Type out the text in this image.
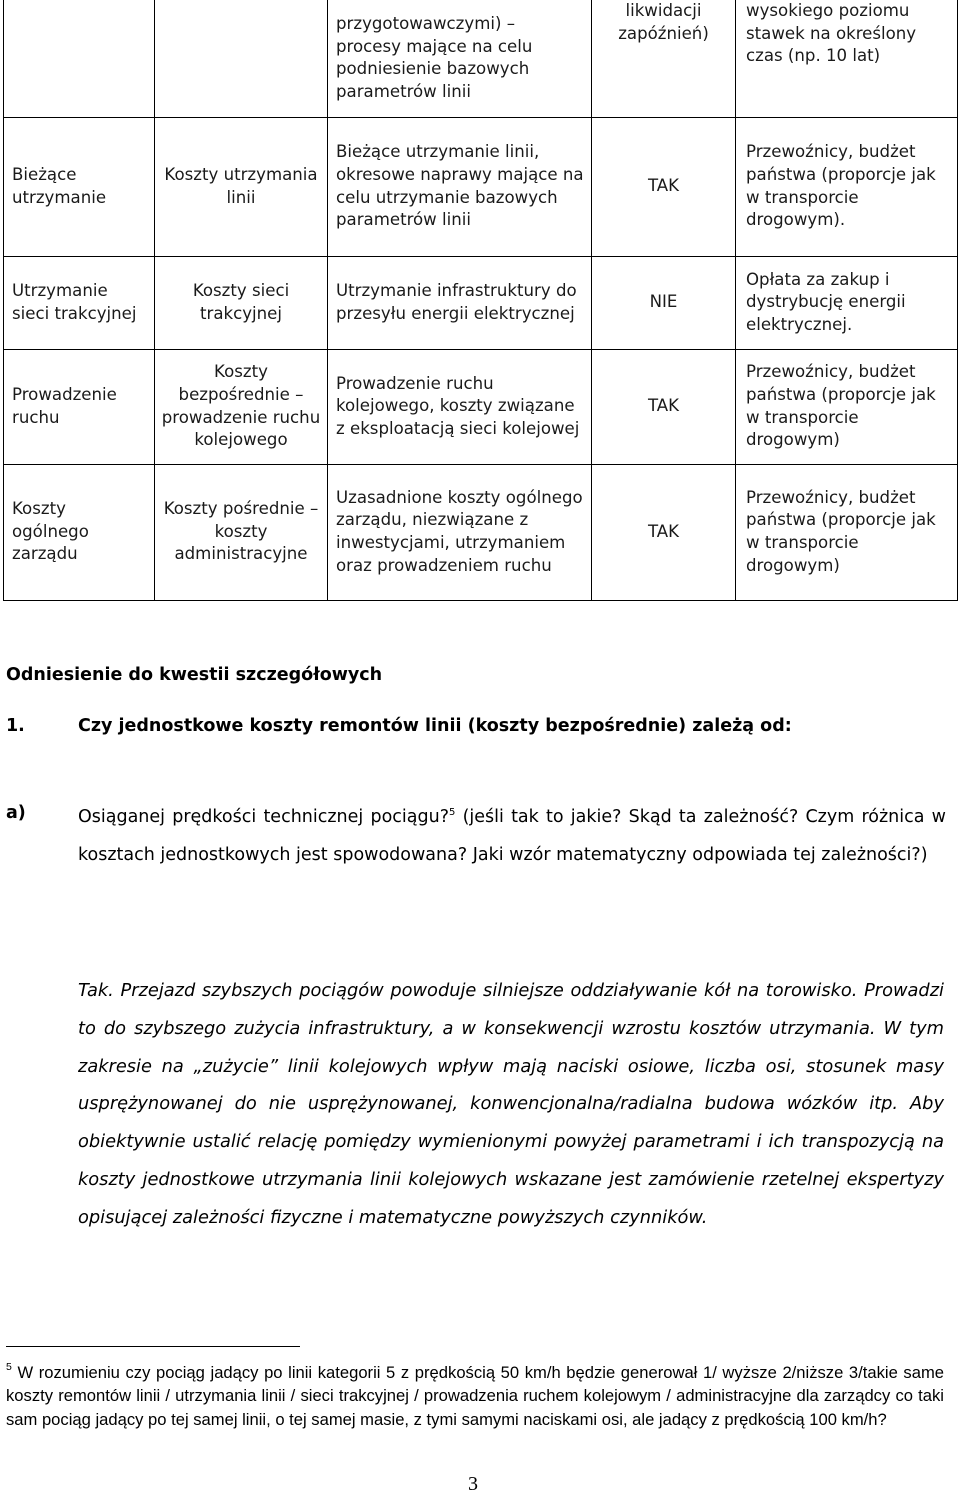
		przygotowawczymi) – procesy mające na celu podniesienie bazowych parametrów linii	likwidacji zapóźnień)	wysokiego poziomu stawek na określony czas (np. 10 lat)
Bieżące utrzymanie	Koszty utrzymania linii	Bieżące utrzymanie linii, okresowe naprawy mające na celu utrzymanie bazowych parametrów linii	TAK	Przewoźnicy, budżet państwa (proporcje jak w transporcie drogowym).
Utrzymanie sieci trakcyjnej	Koszty sieci trakcyjnej	Utrzymanie infrastruktury do przesyłu energii elektrycznej	NIE	Opłata za zakup i dystrybucję energii elektrycznej.
Prowadzenie ruchu	Koszty bezpośrednie – prowadzenie ruchu kolejowego	Prowadzenie ruchu kolejowego, koszty związane z eksploatacją sieci kolejowej	TAK	Przewoźnicy, budżet państwa (proporcje jak w transporcie drogowym)
Koszty ogólnego zarządu	Koszty pośrednie – koszty administracyjne	Uzasadnione koszty ogólnego zarządu, niezwiązane z inwestycjami, utrzymaniem oraz prowadzeniem ruchu	TAK	Przewoźnicy, budżet państwa (proporcje jak w transporcie drogowym)
Odniesienie do kwestii szczegółowych
1.	Czy jednostkowe koszty remontów linii (koszty bezpośrednie) zależą od:
a)	Osiąganej prędkości technicznej pociągu?$^5$ (jeśli tak to jakie? Skąd ta zależność? Czym różnica w kosztach jednostkowych jest spowodowana? Jaki wzór matematyczny odpowiada tej zależności?)
Tak. Przejazd szybszych pociągów powoduje silniejsze oddziaływanie kół na torowisko. Prowadzi to do szybszego zużycia infrastruktury, a w konsekwencji wzrostu kosztów utrzymania. W tym zakresie na „zużycie” linii kolejowych wpływ mają naciski osiowe, liczba osi, stosunek masy usprężynowanej do nie usprężynowanej, konwencjonalna/radialna budowa wózków itp. Aby obiektywnie ustalić relację pomiędzy wymienionymi powyżej parametrami i ich transpozycją na koszty jednostkowe utrzymania linii kolejowych wskazane jest zamówienie rzetelnej ekspertyzy opisującej zależności fizyczne i matematyczne powyższych czynników.
$^5$ W rozumieniu czy pociąg jadący po linii kategorii 5 z prędkością 50 km/h będzie generował 1/ wyższe 2/niższe 3/takie same koszty remontów linii / utrzymania linii / sieci trakcyjnej / prowadzenia ruchem kolejowym / administracyjne dla zarządcy co taki sam pociąg jadący po tej samej linii, o tej samej masie, z tymi samymi naciskami osi, ale jadący z prędkością 100 km/h?
3
